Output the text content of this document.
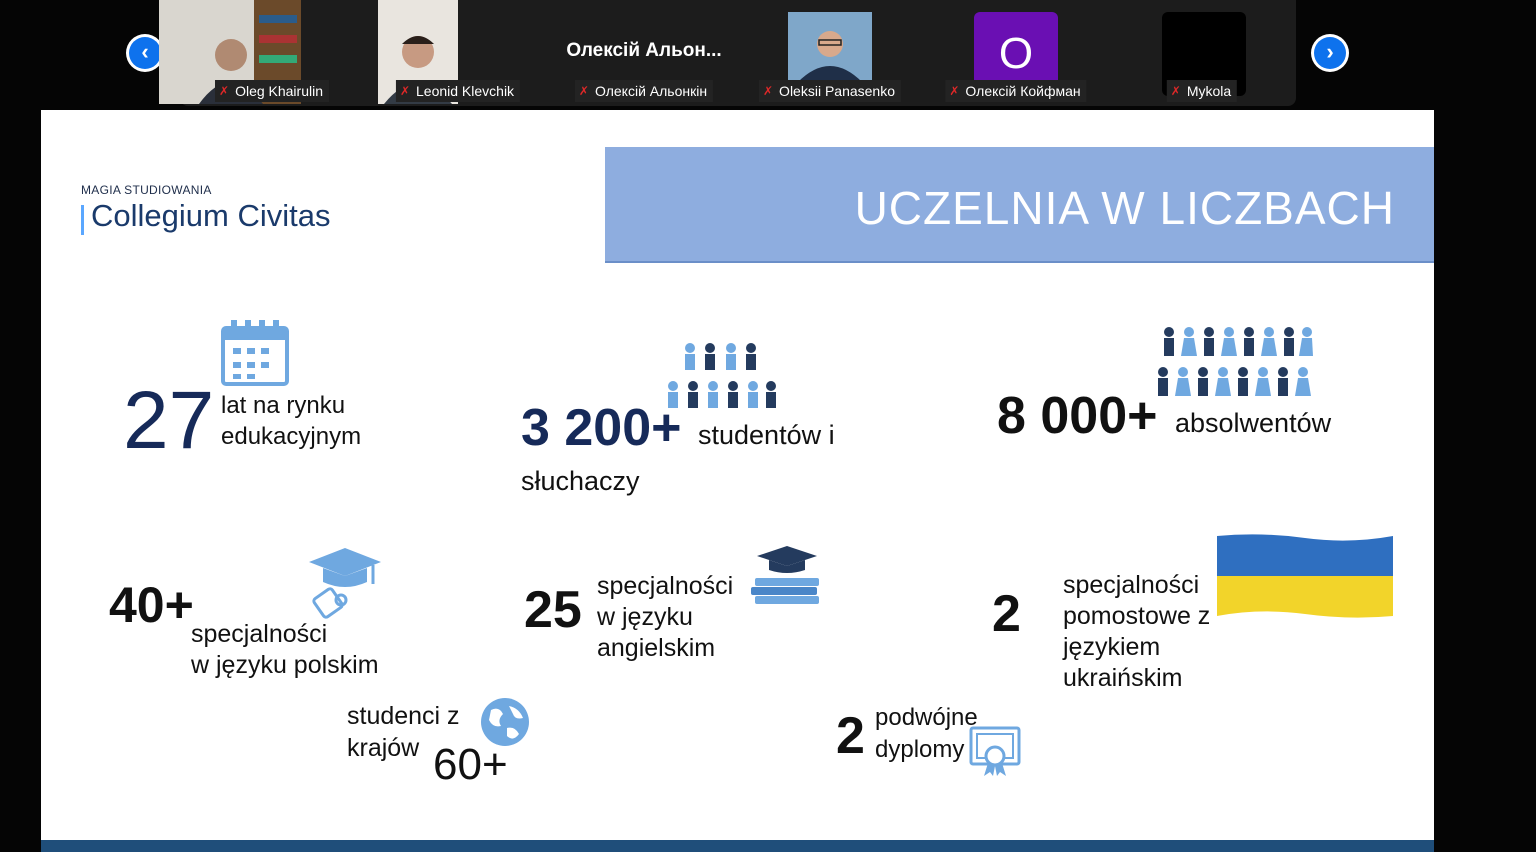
‹	›
✗ Oleg Khairulin	✗ Leonid Klevchik
Олексій Альон...
✗ Олексій Альонкін	✗ Oleksii Panasenko
O
✗ Олексій Койфман	✗ Mykola
MAGIA STUDIOWANIA
Collegium Civitas	UCZELNIA W LICZBACH
27 lat na rynku
edukacyjnym	3 200+ studentów i
słuchaczy
8 000+ absolwentów
40+
specjalności
w języku polskim
25 specjalności
w języku
angielskim
2 specjalności
pomostowe z
językiem
ukraińskim
studenci z
krajów 60+	2 podwójne
dyplomy
